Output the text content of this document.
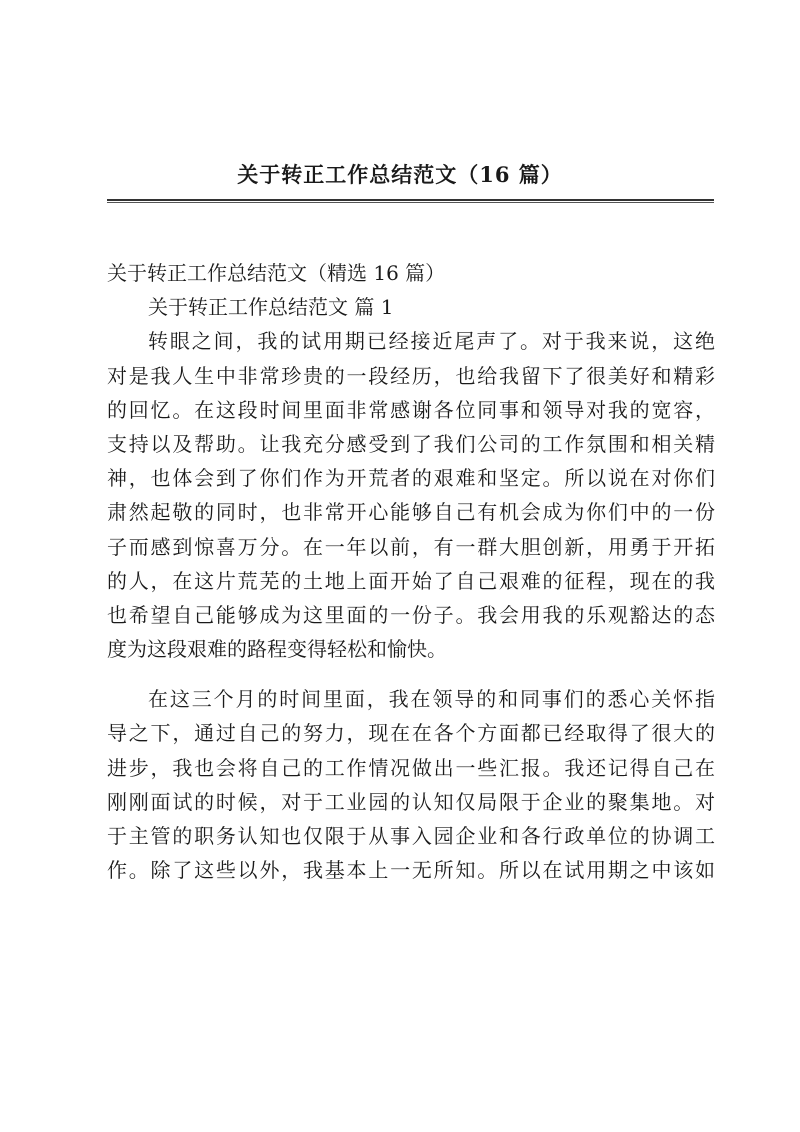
关于转正工作总结范文（16 篇）
关于转正工作总结范文（精选 16 篇）
关于转正工作总结范文 篇 1
转眼之间，我的试用期已经接近尾声了。对于我来说，这绝
对是我人生中非常珍贵的一段经历，也给我留下了很美好和精彩
的回忆。在这段时间里面非常感谢各位同事和领导对我的宽容，
支持以及帮助。让我充分感受到了我们公司的工作氛围和相关精
神，也体会到了你们作为开荒者的艰难和坚定。所以说在对你们
肃然起敬的同时，也非常开心能够自己有机会成为你们中的一份
子而感到惊喜万分。在一年以前，有一群大胆创新，用勇于开拓
的人，在这片荒芜的土地上面开始了自己艰难的征程，现在的我
也希望自己能够成为这里面的一份子。我会用我的乐观豁达的态
度为这段艰难的路程变得轻松和愉快。
在这三个月的时间里面，我在领导的和同事们的悉心关怀指
导之下，通过自己的努力，现在在各个方面都已经取得了很大的
进步，我也会将自己的工作情况做出一些汇报。我还记得自己在
刚刚面试的时候，对于工业园的认知仅局限于企业的聚集地。对
于主管的职务认知也仅限于从事入园企业和各行政单位的协调工
作。除了这些以外，我基本上一无所知。所以在试用期之中该如
